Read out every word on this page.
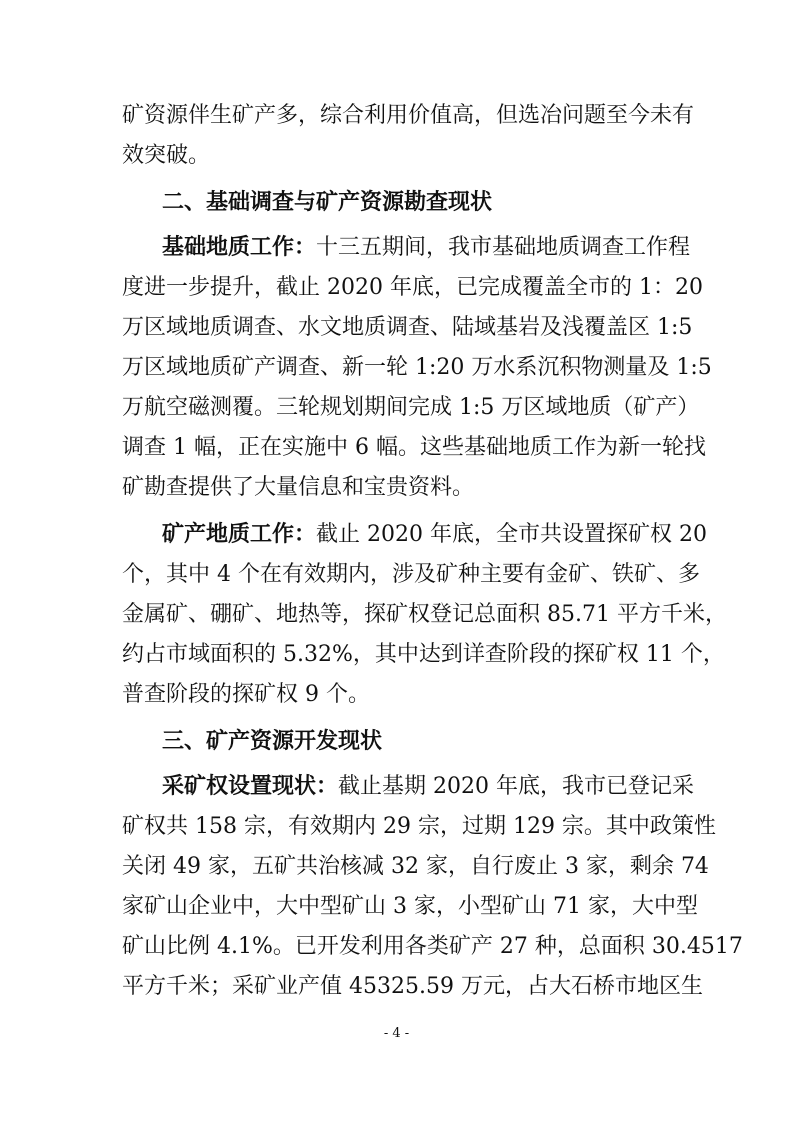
矿资源伴生矿产多，综合利用价值高，但选冶问题至今未有
效突破。
二、基础调查与矿产资源勘查现状
基础地质工作：十三五期间，我市基础地质调查工作程
度进一步提升，截止 2020 年底，已完成覆盖全市的 1：20
万区域地质调查、水文地质调查、陆域基岩及浅覆盖区 1:5
万区域地质矿产调查、新一轮 1:20 万水系沉积物测量及 1:5
万航空磁测覆。三轮规划期间完成 1:5 万区域地质（矿产）
调查 1 幅，正在实施中 6 幅。这些基础地质工作为新一轮找
矿勘查提供了大量信息和宝贵资料。
矿产地质工作：截止 2020 年底，全市共设置探矿权 20
个，其中 4 个在有效期内，涉及矿种主要有金矿、铁矿、多
金属矿、硼矿、地热等，探矿权登记总面积 85.71 平方千米，
约占市域面积的 5.32%，其中达到详查阶段的探矿权 11 个，
普查阶段的探矿权 9 个。
三、矿产资源开发现状
采矿权设置现状：截止基期 2020 年底，我市已登记采
矿权共 158 宗，有效期内 29 宗，过期 129 宗。其中政策性
关闭 49 家，五矿共治核减 32 家，自行废止 3 家，剩余 74
家矿山企业中，大中型矿山 3 家，小型矿山 71 家，大中型
矿山比例 4.1%。已开发利用各类矿产 27 种，总面积 30.4517
平方千米；采矿业产值 45325.59 万元，占大石桥市地区生
- 4 -
